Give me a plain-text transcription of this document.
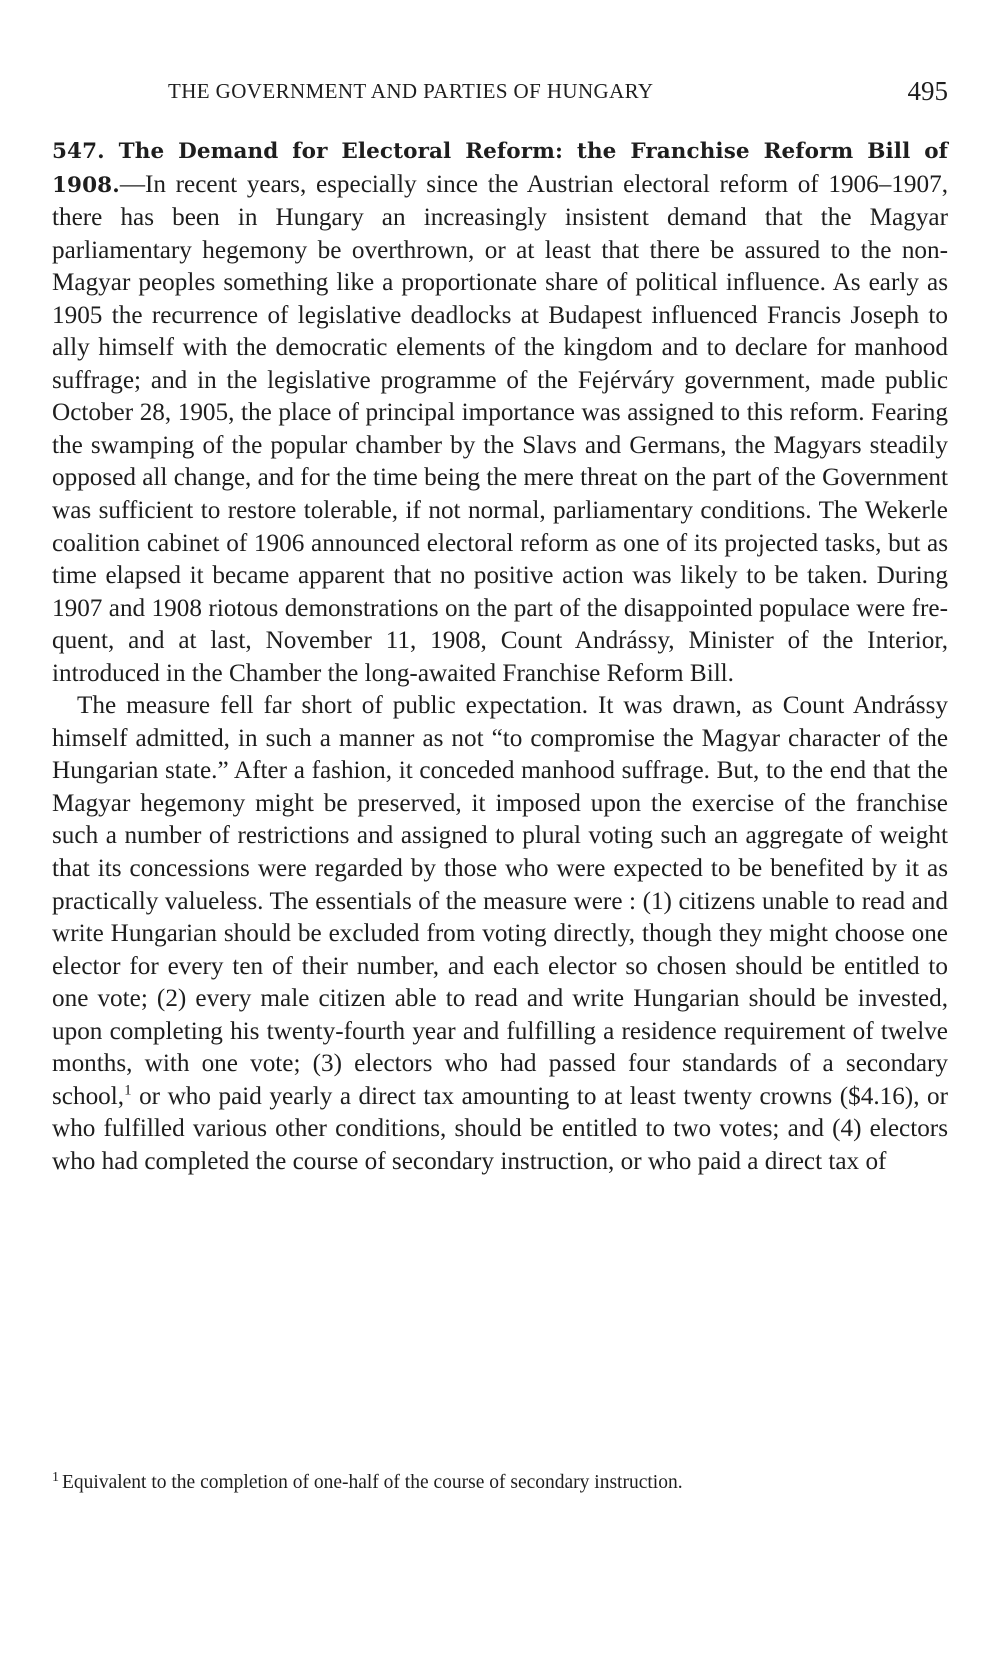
THE GOVERNMENT AND PARTIES OF HUNGARY	495

547. The Demand for Electoral Reform: the Franchise Reform Bill of 1908.—In recent years, especially since the Austrian electoral reform of 1906–1907, there has been in Hungary an increasingly insistent demand that the Magyar parliamentary hegemony be overthrown, or at least that there be assured to the non-Magyar peoples something like a proportionate share of political influence. As early as 1905 the recurrence of legislative deadlocks at Budapest influenced Francis Joseph to ally himself with the democratic elements of the kingdom and to declare for manhood suffrage; and in the legislative programme of the Fejérváry government, made public October 28, 1905, the place of principal importance was assigned to this reform. Fearing the swamping of the popular chamber by the Slavs and Germans, the Magyars steadily opposed all change, and for the time being the mere threat on the part of the Government was sufficient to restore tolerable, if not normal, parliamentary conditions. The Wekerle coalition cabinet of 1906 announced electoral reform as one of its projected tasks, but as time elapsed it became apparent that no positive action was likely to be taken. During 1907 and 1908 riotous demonstrations on the part of the disappointed populace were frequent, and at last, November 11, 1908, Count Andrássy, Minister of the Interior, introduced in the Chamber the long-awaited Franchise Reform Bill.

The measure fell far short of public expectation. It was drawn, as Count Andrássy himself admitted, in such a manner as not “to compromise the Magyar character of the Hungarian state.” After a fashion, it conceded manhood suffrage. But, to the end that the Magyar hegemony might be preserved, it imposed upon the exercise of the franchise such a number of restrictions and assigned to plural voting such an aggregate of weight that its concessions were regarded by those who were expected to be benefited by it as practically valueless. The essentials of the measure were : (1) citizens unable to read and write Hungarian should be excluded from voting directly, though they might choose one elector for every ten of their number, and each elector so chosen should be entitled to one vote; (2) every male citizen able to read and write Hungarian should be invested, upon completing his twenty-fourth year and fulfilling a residence requirement of twelve months, with one vote; (3) electors who had passed four standards of a secondary school,$^1$ or who paid yearly a direct tax amounting to at least twenty crowns ($4.16), or who fulfilled various other conditions, should be entitled to two votes; and (4) electors who had completed the course of secondary instruction, or who paid a direct tax of

$^1$ Equivalent to the completion of one-half of the course of secondary instruction.
